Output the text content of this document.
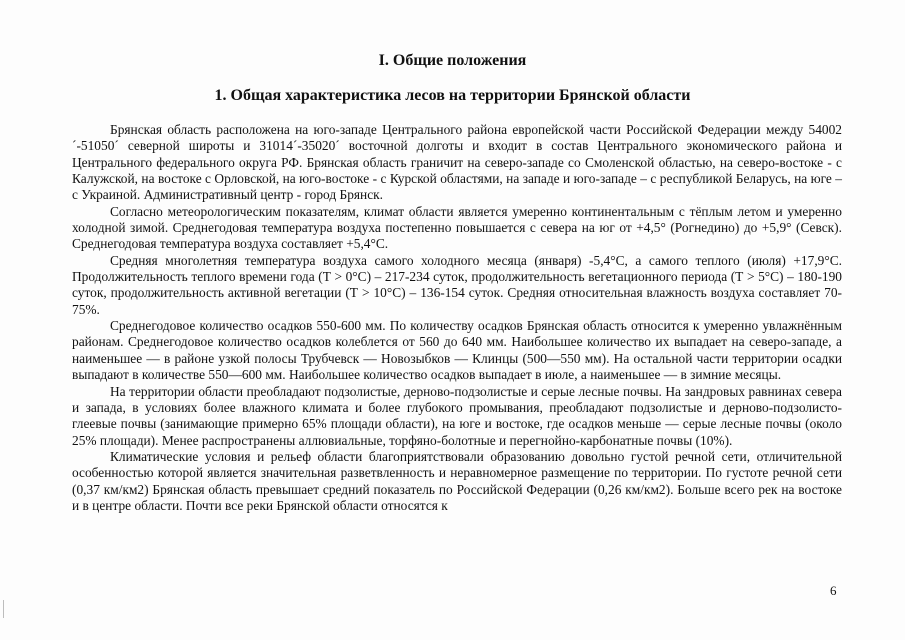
I. Общие положения
1. Общая характеристика лесов на территории Брянской области

Брянская область расположена на юго-западе Центрального района европейской части Российской Федерации между 54002´-51050´ северной широты и 31014´-35020´ восточной долготы и входит в состав Центрального экономического района и Центрального федерального округа РФ. Брянская область граничит на северо-западе со Смоленской областью, на северо-востоке - с Калужской, на востоке с Орловской, на юго-востоке - с Курской областями, на западе и юго-западе – с республикой Беларусь, на юге – с Украиной. Административный центр - город Брянск.

Согласно метеорологическим показателям, климат области является умеренно континентальным с тёплым летом и умеренно холодной зимой. Среднегодовая температура воздуха постепенно повышается с севера на юг от +4,5° (Рогнедино) до +5,9° (Севск). Среднегодовая температура воздуха составляет +5,4°С.

Средняя многолетняя температура воздуха самого холодного месяца (января) -5,4°С, а самого теплого (июля) +17,9°С. Продолжительность теплого времени года (Т > 0°С) – 217-234 суток, продолжительность вегетационного периода (Т > 5°С) – 180-190 суток, продолжительность активной вегетации (Т > 10°С) – 136-154 суток. Средняя относительная влажность воздуха составляет 70-75%.

Среднегодовое количество осадков 550-600 мм. По количеству осадков Брянская область относится к умеренно увлажнённым районам. Среднегодовое количество осадков колеблется от 560 до 640 мм. Наибольшее количество их выпадает на северо-западе, а наименьшее — в районе узкой полосы Трубчевск — Новозыбков — Клинцы (500—550 мм). На остальной части территории осадки выпадают в количестве 550—600 мм. Наибольшее количество осадков выпадает в июле, а наименьшее — в зимние месяцы.

На территории области преобладают подзолистые, дерново-подзолистые и серые лесные почвы. На зандровых равнинах севера и запада, в условиях более влажного климата и более глубокого промывания, преобладают подзолистые и дерново-подзолисто-глеевые почвы (занимающие примерно 65% площади области), на юге и востоке, где осадков меньше — серые лесные почвы (около 25% площади). Менее распространены аллювиальные, торфяно-болотные и перегнойно-карбонатные почвы (10%).

Климатические условия и рельеф области благоприятствовали образованию довольно густой речной сети, отличительной особенностью которой является значительная разветвленность и неравномерное размещение по территории. По густоте речной сети (0,37 км/км2) Брянская область превышает средний показатель по Российской Федерации (0,26 км/км2). Больше всего рек на востоке и в центре области. Почти все реки Брянской области относятся к

6
